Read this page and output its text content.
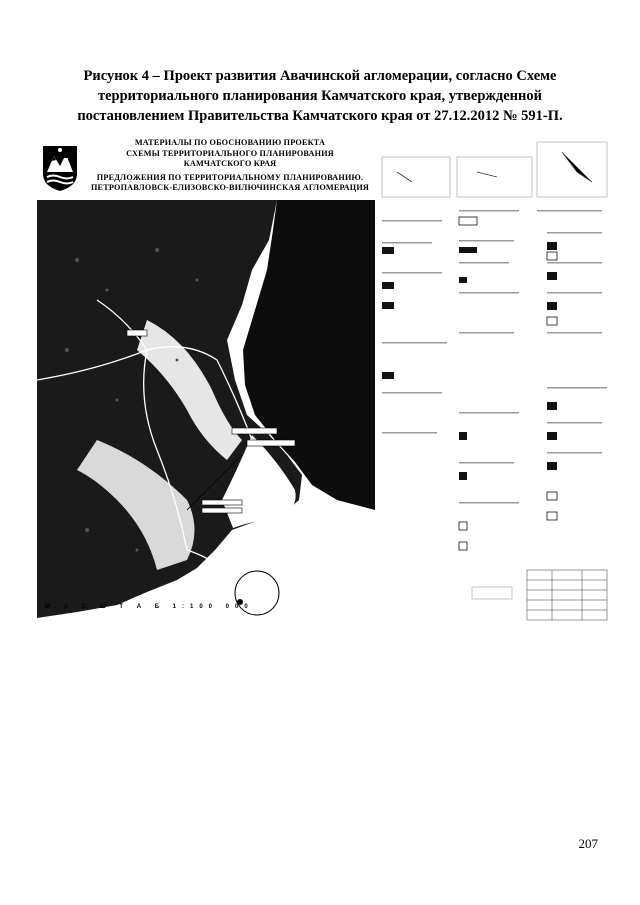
Рисунок 4 – Проект развития Авачинской агломерации, согласно Схеме
территориального планирования Камчатского края, утвержденной
постановлением Правительства Камчатского края от 27.12.2012 № 591-П.
МАТЕРИАЛЫ ПО ОБОСНОВАНИЮ ПРОЕКТА
СХЕМЫ ТЕРРИТОРИАЛЬНОГО ПЛАНИРОВАНИЯ
КАМЧАТСКОГО КРАЯ
ПРЕДЛОЖЕНИЯ ПО ТЕРРИТОРИАЛЬНОМУ ПЛАНИРОВАНИЮ.
ПЕТРОПАВЛОВСК-ЕЛИЗОВСКО-ВИЛЮЧИНСКАЯ АГЛОМЕРАЦИЯ
М А С Ш Т А Б 1:100 000
207
